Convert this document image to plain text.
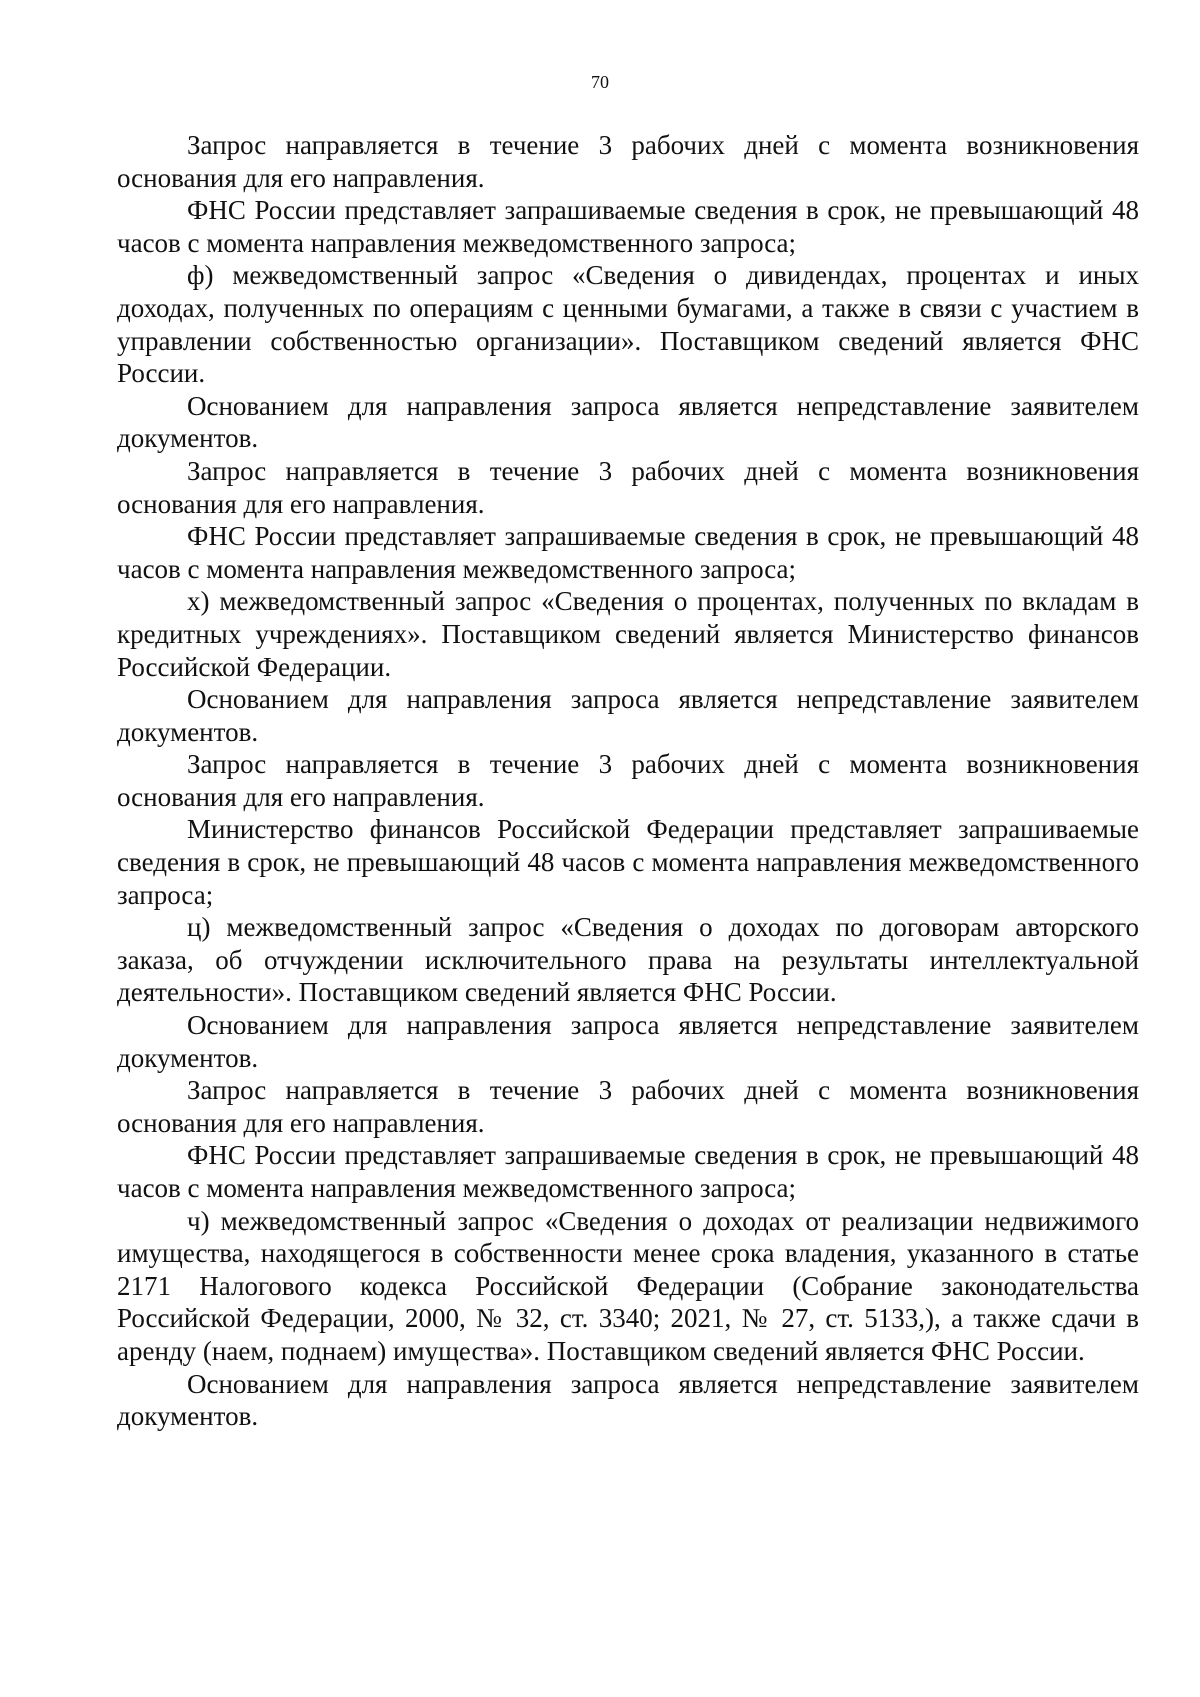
70

Запрос направляется в течение 3 рабочих дней с момента возникновения основания для его направления.

ФНС России представляет запрашиваемые сведения в срок, не превышающий 48 часов с момента направления межведомственного запроса;

ф) межведомственный запрос «Сведения о дивидендах, процентах и иных доходах, полученных по операциям с ценными бумагами, а также в связи с участием в управлении собственностью организации». Поставщиком сведений является ФНС России.

Основанием для направления запроса является непредставление заявителем документов.

Запрос направляется в течение 3 рабочих дней с момента возникновения основания для его направления.

ФНС России представляет запрашиваемые сведения в срок, не превышающий 48 часов с момента направления межведомственного запроса;

х) межведомственный запрос «Сведения о процентах, полученных по вкладам в кредитных учреждениях». Поставщиком сведений является Министерство финансов Российской Федерации.

Основанием для направления запроса является непредставление заявителем документов.

Запрос направляется в течение 3 рабочих дней с момента возникновения основания для его направления.

Министерство финансов Российской Федерации представляет запрашиваемые сведения в срок, не превышающий 48 часов с момента направления межведомственного запроса;

ц) межведомственный запрос «Сведения о доходах по договорам авторского заказа, об отчуждении исключительного права на результаты интеллектуальной деятельности». Поставщиком сведений является ФНС России.

Основанием для направления запроса является непредставление заявителем документов.

Запрос направляется в течение 3 рабочих дней с момента возникновения основания для его направления.

ФНС России представляет запрашиваемые сведения в срок, не превышающий 48 часов с момента направления межведомственного запроса;

ч) межведомственный запрос «Сведения о доходах от реализации недвижимого имущества, находящегося в собственности менее срока владения, указанного в статье 2171 Налогового кодекса Российской Федерации (Собрание законодательства Российской Федерации, 2000, № 32, ст. 3340; 2021, № 27, ст. 5133,), а также сдачи в аренду (наем, поднаем) имущества». Поставщиком сведений является ФНС России.

Основанием для направления запроса является непредставление заявителем документов.
